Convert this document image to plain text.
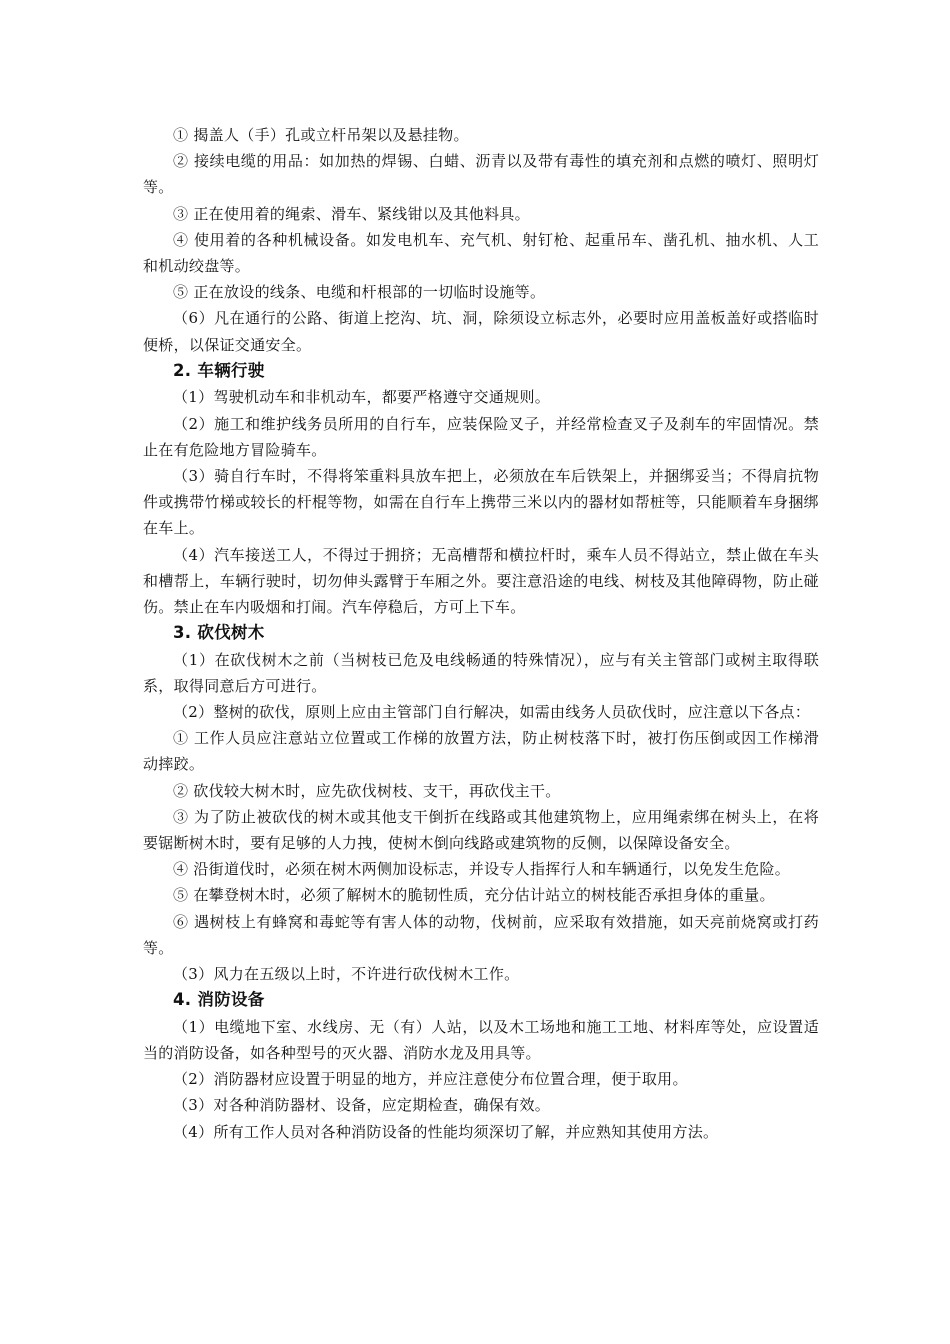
① 揭盖人（手）孔或立杆吊架以及悬挂物。

② 接续电缆的用品：如加热的焊锡、白蜡、沥青以及带有毒性的填充剂和点燃的喷灯、照明灯等。

③ 正在使用着的绳索、滑车、紧线钳以及其他料具。

④ 使用着的各种机械设备。如发电机车、充气机、射钉枪、起重吊车、凿孔机、抽水机、人工和机动绞盘等。

⑤ 正在放设的线条、电缆和杆根部的一切临时设施等。

（6）凡在通行的公路、街道上挖沟、坑、洞，除须设立标志外，必要时应用盖板盖好或搭临时便桥，以保证交通安全。

2. 车辆行驶

（1）驾驶机动车和非机动车，都要严格遵守交通规则。

（2）施工和维护线务员所用的自行车，应装保险叉子，并经常检查叉子及刹车的牢固情况。禁止在有危险地方冒险骑车。

（3）骑自行车时，不得将笨重料具放车把上，必须放在车后铁架上，并捆绑妥当；不得肩抗物件或携带竹梯或较长的杆棍等物，如需在自行车上携带三米以内的器材如帮桩等，只能顺着车身捆绑在车上。

（4）汽车接送工人，不得过于拥挤；无高槽帮和横拉杆时，乘车人员不得站立，禁止做在车头和槽帮上，车辆行驶时，切勿伸头露臂于车厢之外。要注意沿途的电线、树枝及其他障碍物，防止碰伤。禁止在车内吸烟和打闹。汽车停稳后，方可上下车。

3. 砍伐树木

（1）在砍伐树木之前（当树枝已危及电线畅通的特殊情况），应与有关主管部门或树主取得联系，取得同意后方可进行。

（2）整树的砍伐，原则上应由主管部门自行解决，如需由线务人员砍伐时，应注意以下各点：

① 工作人员应注意站立位置或工作梯的放置方法，防止树枝落下时，被打伤压倒或因工作梯滑动摔跤。

② 砍伐较大树木时，应先砍伐树枝、支干，再砍伐主干。

③ 为了防止被砍伐的树木或其他支干倒折在线路或其他建筑物上，应用绳索绑在树头上，在将要锯断树木时，要有足够的人力拽，使树木倒向线路或建筑物的反侧，以保障设备安全。

④ 沿街道伐时，必须在树木两侧加设标志，并设专人指挥行人和车辆通行，以免发生危险。

⑤ 在攀登树木时，必须了解树木的脆韧性质，充分估计站立的树枝能否承担身体的重量。

⑥ 遇树枝上有蜂窝和毒蛇等有害人体的动物，伐树前，应采取有效措施，如天亮前烧窝或打药等。

（3）风力在五级以上时，不许进行砍伐树木工作。

4. 消防设备

（1）电缆地下室、水线房、无（有）人站，以及木工场地和施工工地、材料库等处，应设置适当的消防设备，如各种型号的灭火器、消防水龙及用具等。

（2）消防器材应设置于明显的地方，并应注意使分布位置合理，便于取用。

（3）对各种消防器材、设备，应定期检查，确保有效。

（4）所有工作人员对各种消防设备的性能均须深切了解，并应熟知其使用方法。
